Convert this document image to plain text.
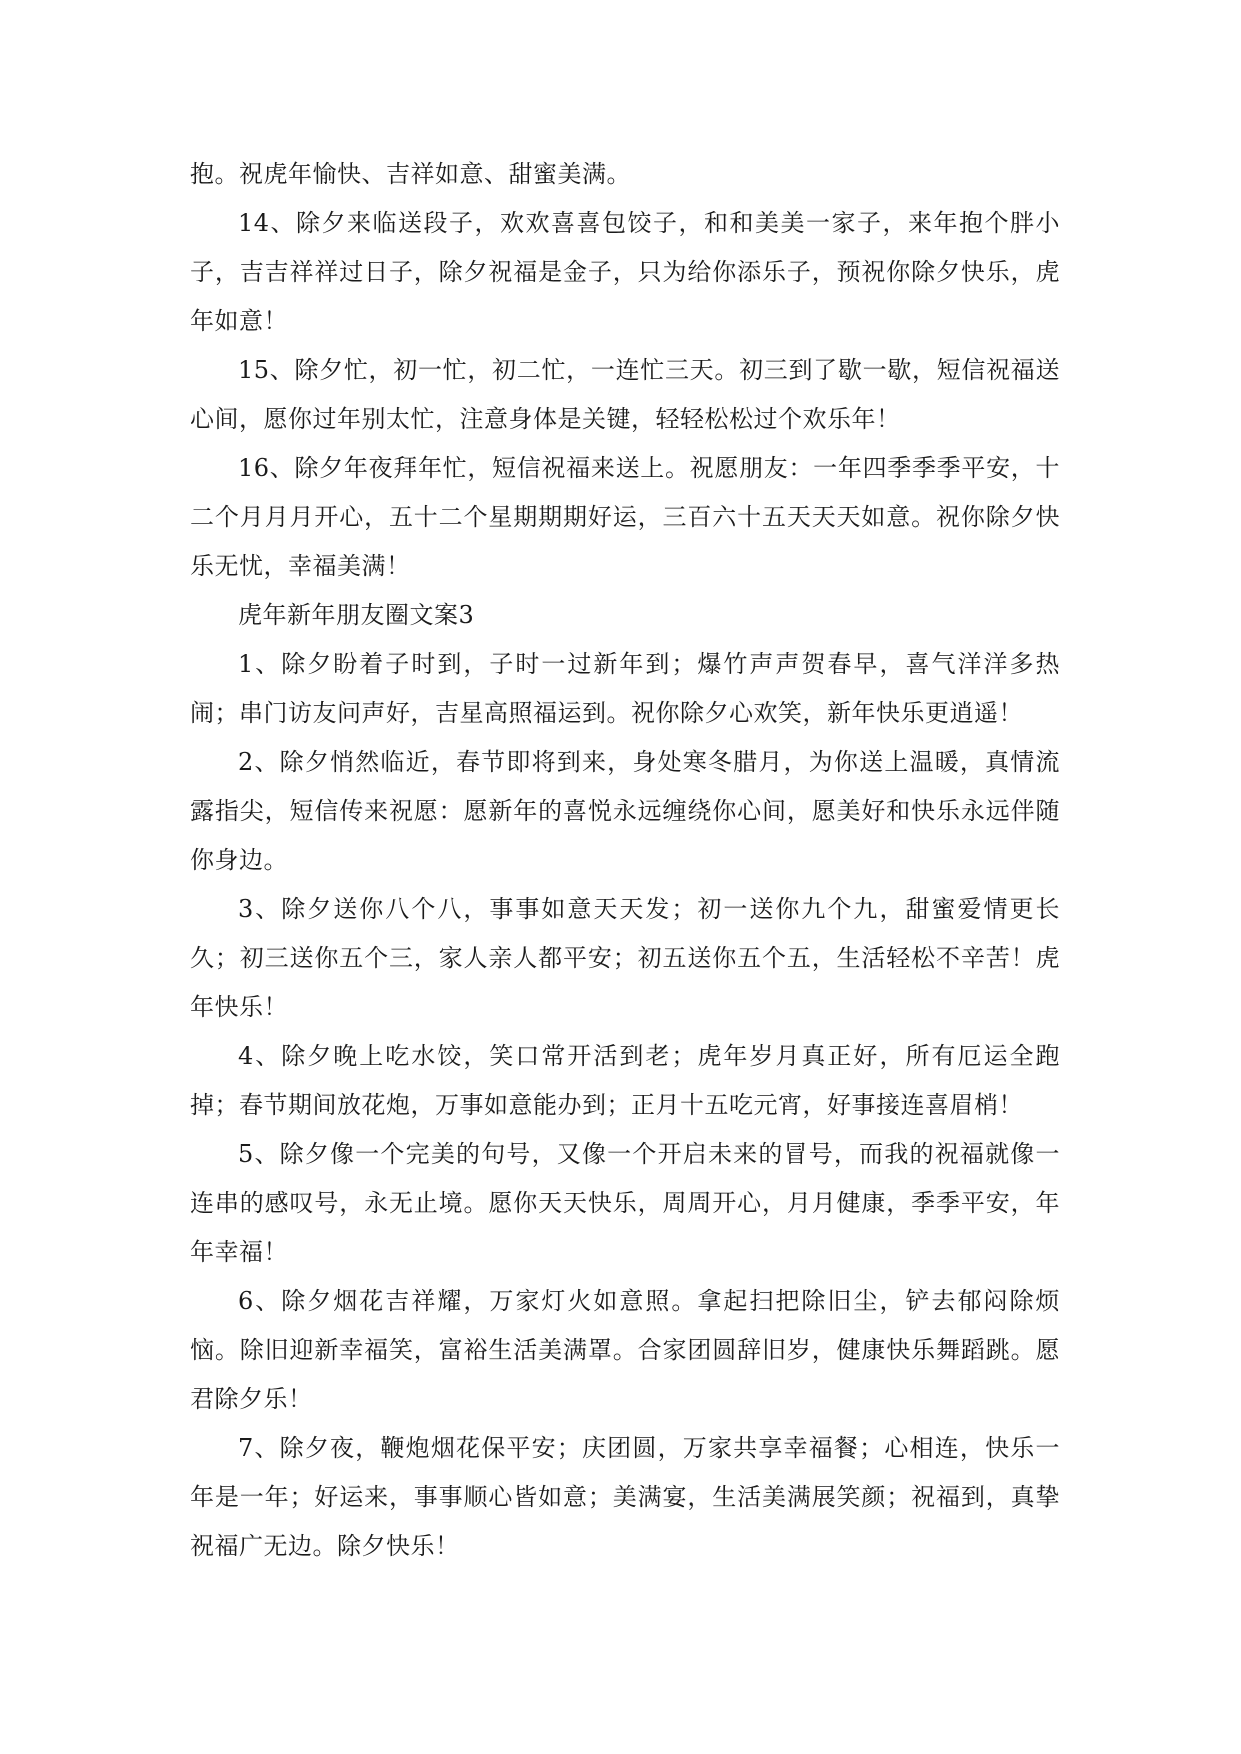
抱。祝虎年愉快、吉祥如意、甜蜜美满。

14、除夕来临送段子，欢欢喜喜包饺子，和和美美一家子，来年抱个胖小子，吉吉祥祥过日子，除夕祝福是金子，只为给你添乐子，预祝你除夕快乐，虎年如意！

15、除夕忙，初一忙，初二忙，一连忙三天。初三到了歇一歇，短信祝福送心间，愿你过年别太忙，注意身体是关键，轻轻松松过个欢乐年！

16、除夕年夜拜年忙，短信祝福来送上。祝愿朋友：一年四季季季平安，十二个月月月开心，五十二个星期期期好运，三百六十五天天天如意。祝你除夕快乐无忧，幸福美满！

虎年新年朋友圈文案3

1、除夕盼着子时到，子时一过新年到；爆竹声声贺春早，喜气洋洋多热闹；串门访友问声好，吉星高照福运到。祝你除夕心欢笑，新年快乐更逍遥！

2、除夕悄然临近，春节即将到来，身处寒冬腊月，为你送上温暖，真情流露指尖，短信传来祝愿：愿新年的喜悦永远缠绕你心间，愿美好和快乐永远伴随你身边。

3、除夕送你八个八，事事如意天天发；初一送你九个九，甜蜜爱情更长久；初三送你五个三，家人亲人都平安；初五送你五个五，生活轻松不辛苦！虎年快乐！

4、除夕晚上吃水饺，笑口常开活到老；虎年岁月真正好，所有厄运全跑掉；春节期间放花炮，万事如意能办到；正月十五吃元宵，好事接连喜眉梢！

5、除夕像一个完美的句号，又像一个开启未来的冒号，而我的祝福就像一连串的感叹号，永无止境。愿你天天快乐，周周开心，月月健康，季季平安，年年幸福！

6、除夕烟花吉祥耀，万家灯火如意照。拿起扫把除旧尘，铲去郁闷除烦恼。除旧迎新幸福笑，富裕生活美满罩。合家团圆辞旧岁，健康快乐舞蹈跳。愿君除夕乐！

7、除夕夜，鞭炮烟花保平安；庆团圆，万家共享幸福餐；心相连，快乐一年是一年；好运来，事事顺心皆如意；美满宴，生活美满展笑颜；祝福到，真挚祝福广无边。除夕快乐！
